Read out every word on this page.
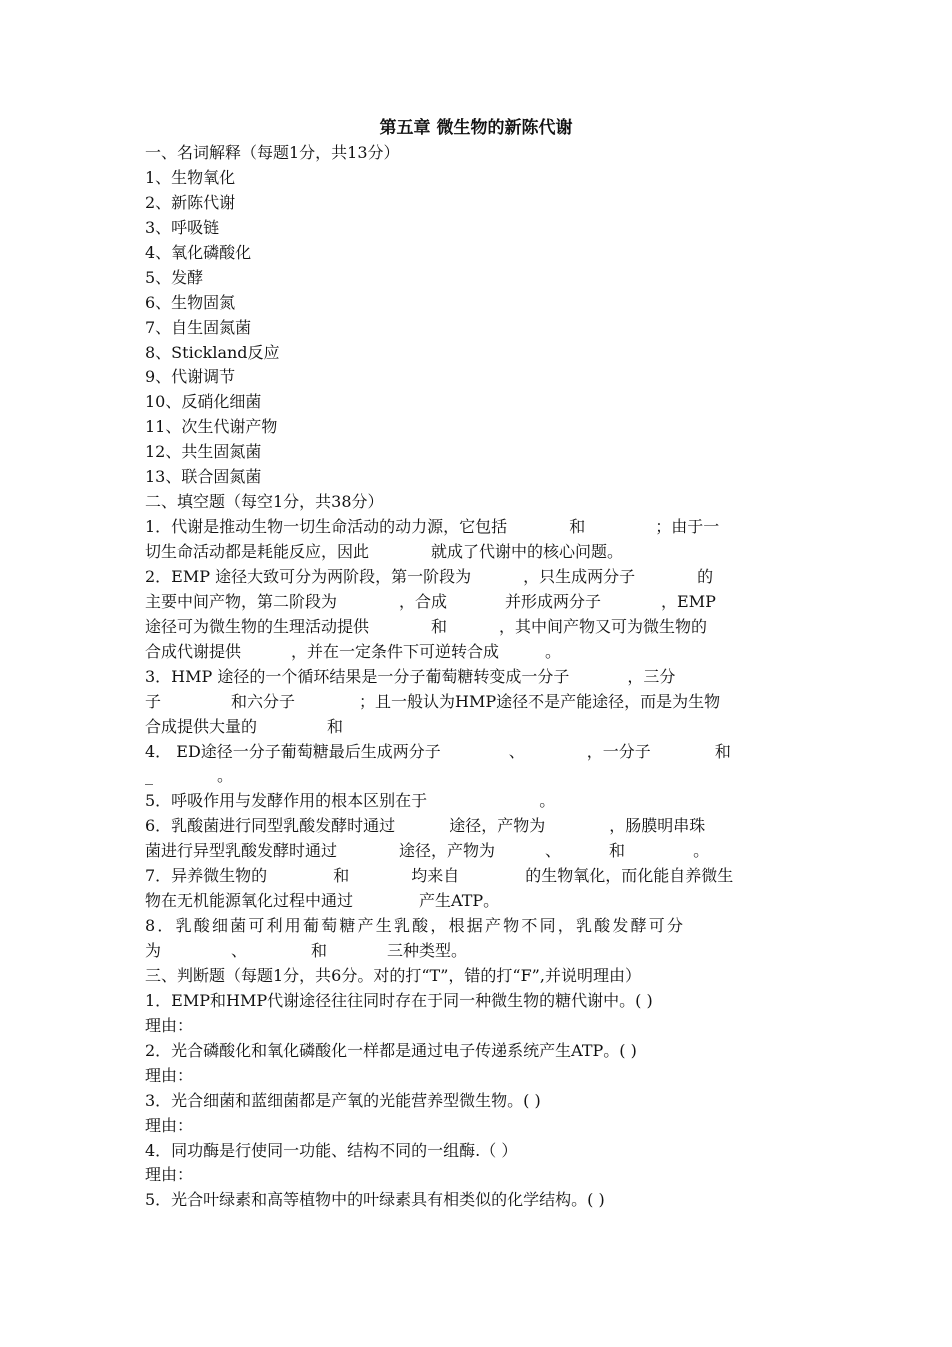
第五章 微生物的新陈代谢
一、名词解释（每题1分，共13分）
1、生物氧化
2、新陈代谢
3、呼吸链
4、氧化磷酸化
5、发酵
6、生物固氮
7、自生固氮菌
8、Stickland反应
9、代谢调节
10、反硝化细菌
11、次生代谢产物
12、共生固氮菌
13、联合固氮菌
二、填空题（每空1分，共38分）
1．代谢是推动生物一切生命活动的动力源，它包括	和	；由于一
切生命活动都是耗能反应，因此	就成了代谢中的核心问题。
2．EMP 途径大致可分为两阶段，第一阶段为	，只生成两分子	的
主要中间产物，第二阶段为	，合成	并形成两分子	，EMP
途径可为微生物的生理活动提供	和	，其中间产物又可为微生物的
合成代谢提供	，并在一定条件下可逆转合成	。
3．HMP 途径的一个循环结果是一分子葡萄糖转变成一分子	，三分
子	和六分子	；且一般认为HMP途径不是产能途径，而是为生物
合成提供大量的	和
4． ED途径一分子葡萄糖最后生成两分子	、	，一分子	和
_	。
5．呼吸作用与发酵作用的根本区别在于	。
6．乳酸菌进行同型乳酸发酵时通过	途径，产物为	，肠膜明串珠
菌进行异型乳酸发酵时通过	途径，产物为	、	和	。
7．异养微生物的	和	均来自	的生物氧化，而化能自养微生
物在无机能源氧化过程中通过	产生ATP。
8．乳酸细菌可利用葡萄糖产生乳酸，根据产物不同，乳酸发酵可分
为	、	和	三种类型。
三、判断题（每题1分，共6分。对的打“T”，错的打“F”,并说明理由）
1．EMP和HMP代谢途径往往同时存在于同一种微生物的糖代谢中。( )
理由：
2．光合磷酸化和氧化磷酸化一样都是通过电子传递系统产生ATP。( )
理由：
3．光合细菌和蓝细菌都是产氧的光能营养型微生物。( )
理由：
4．同功酶是行使同一功能、结构不同的一组酶.（ ）
理由：
5．光合叶绿素和高等植物中的叶绿素具有相类似的化学结构。( )
